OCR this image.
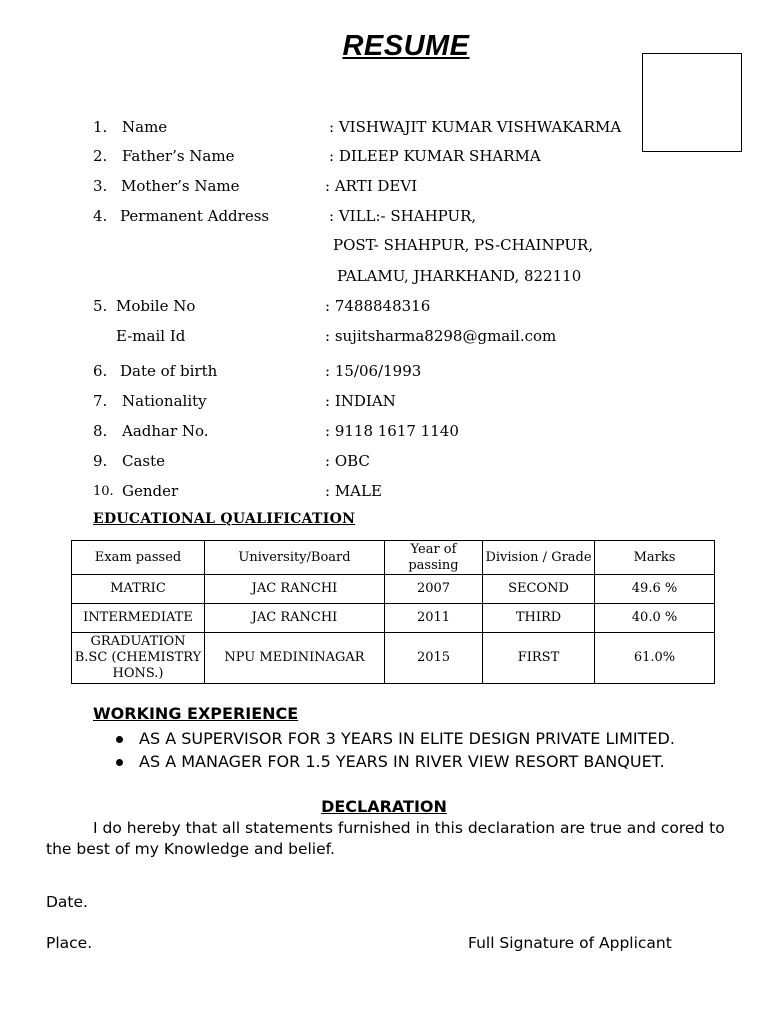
RESUME
1. Name	: VISHWAJIT KUMAR VISHWAKARMA
2. Father’s Name	: DILEEP KUMAR SHARMA
3. Mother’s Name	: ARTI DEVI
4. Permanent Address	: VILL:- SHAHPUR,
POST- SHAHPUR, PS-CHAINPUR,
PALAMU, JHARKHAND, 822110
5. Mobile No	: 7488848316
E-mail Id	: sujitsharma8298@gmail.com
6. Date of birth	: 15/06/1993
7. Nationality	: INDIAN
8. Aadhar No.	: 9118 1617 1140
9. Caste	: OBC
10. Gender	: MALE
EDUCATIONAL QUALIFICATION
Exam passed	University/Board	Year of passing	Division / Grade	Marks
MATRIC	JAC RANCHI	2007	SECOND	49.6 %
INTERMEDIATE	JAC RANCHI	2011	THIRD	40.0 %
GRADUATION B.SC (CHEMISTRY HONS.)	NPU MEDININAGAR	2015	FIRST	61.0%
WORKING EXPERIENCE
AS A SUPERVISOR FOR 3 YEARS IN ELITE DESIGN PRIVATE LIMITED.
AS A MANAGER FOR 1.5 YEARS IN RIVER VIEW RESORT BANQUET.
DECLARATION
I do hereby that all statements furnished in this declaration are true and cored to the best of my Knowledge and belief.
Date.
Place.	Full Signature of Applicant
